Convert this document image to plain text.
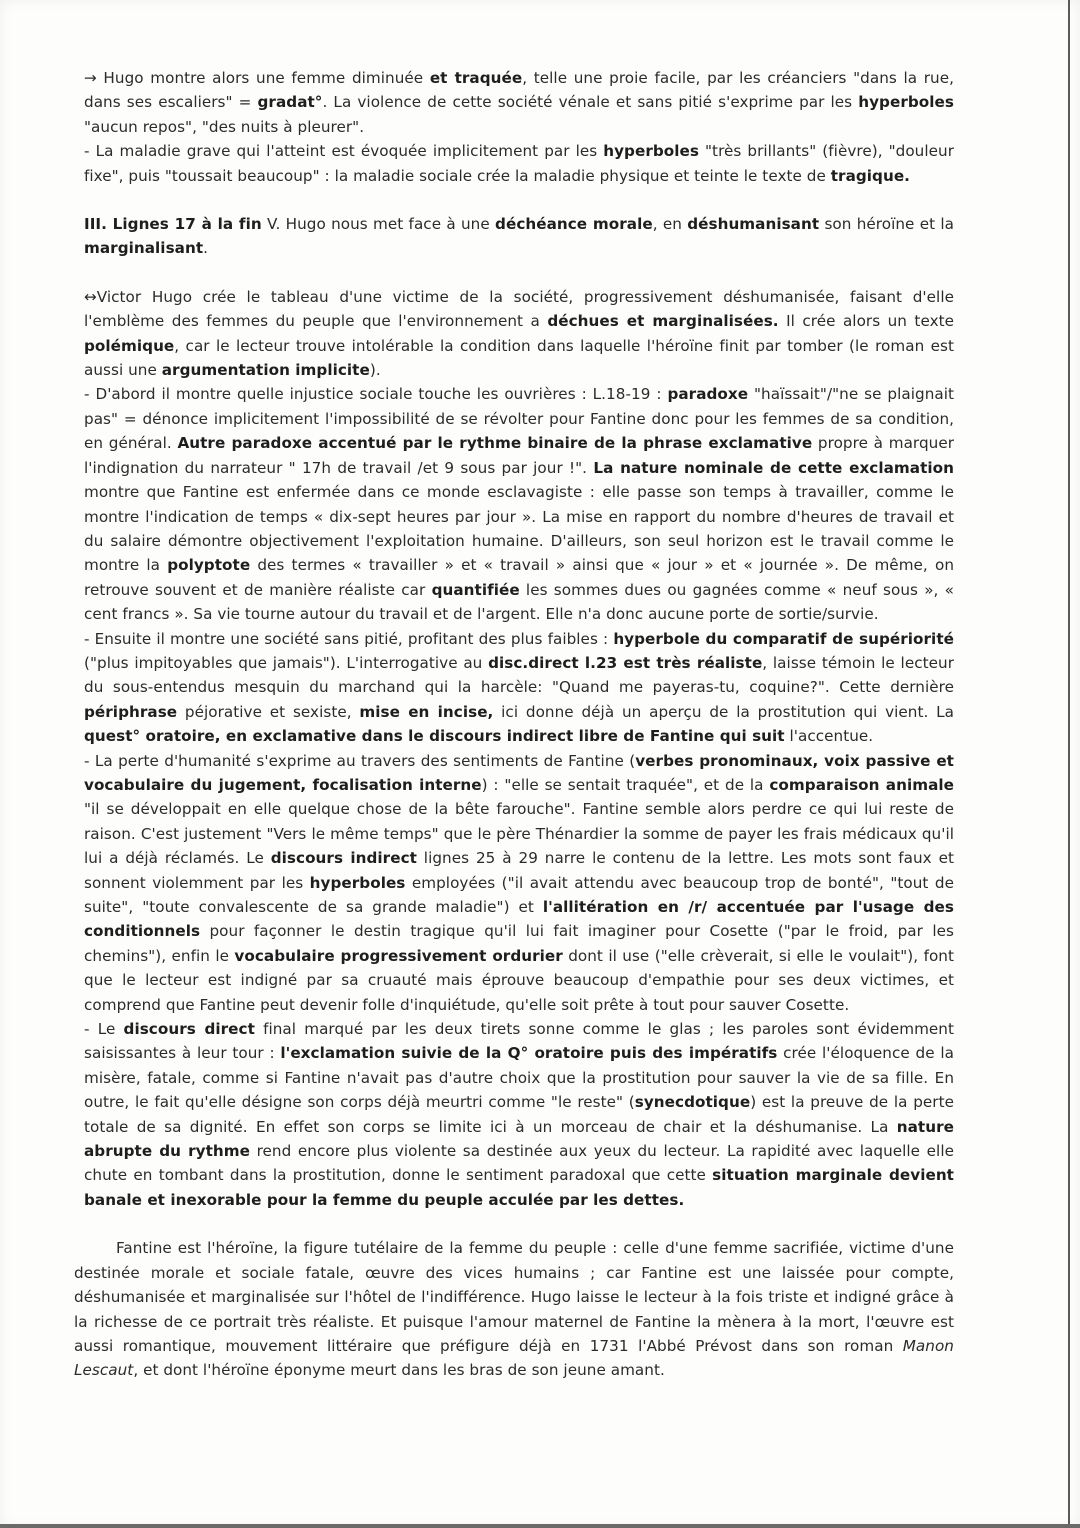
→ Hugo montre alors une femme diminuée et traquée, telle une proie facile, par les créanciers "dans la rue, dans ses escaliers" = gradat°. La violence de cette société vénale et sans pitié s'exprime par les hyperboles "aucun repos", "des nuits à pleurer".

- La maladie grave qui l'atteint est évoquée implicitement par les hyperboles "très brillants" (fièvre), "douleur fixe", puis "toussait beaucoup" : la maladie sociale crée la maladie physique et teinte le texte de tragique.

III. Lignes 17 à la fin V. Hugo nous met face à une déchéance morale, en déshumanisant son héroïne et la marginalisant.

↔Victor Hugo crée le tableau d'une victime de la société, progressivement déshumanisée, faisant d'elle l'emblème des femmes du peuple que l'environnement a déchues et marginalisées. Il crée alors un texte polémique, car le lecteur trouve intolérable la condition dans laquelle l'héroïne finit par tomber (le roman est aussi une argumentation implicite).

- D'abord il montre quelle injustice sociale touche les ouvrières : L.18-19 : paradoxe "haïssait"/"ne se plaignait pas" = dénonce implicitement l'impossibilité de se révolter pour Fantine donc pour les femmes de sa condition, en général. Autre paradoxe accentué par le rythme binaire de la phrase exclamative propre à marquer l'indignation du narrateur " 17h de travail /et 9 sous par jour !". La nature nominale de cette exclamation montre que Fantine est enfermée dans ce monde esclavagiste : elle passe son temps à travailler, comme le montre l'indication de temps « dix-sept heures par jour ». La mise en rapport du nombre d'heures de travail et du salaire démontre objectivement l'exploitation humaine. D'ailleurs, son seul horizon est le travail comme le montre la polyptote des termes « travailler » et « travail » ainsi que « jour » et « journée ». De même, on retrouve souvent et de manière réaliste car quantifiée les sommes dues ou gagnées comme « neuf sous », « cent francs ». Sa vie tourne autour du travail et de l'argent. Elle n'a donc aucune porte de sortie/survie.

- Ensuite il montre une société sans pitié, profitant des plus faibles : hyperbole du comparatif de supériorité ("plus impitoyables que jamais"). L'interrogative au disc.direct l.23 est très réaliste, laisse témoin le lecteur du sous-entendus mesquin du marchand qui la harcèle: "Quand me payeras-tu, coquine?". Cette dernière périphrase péjorative et sexiste, mise en incise, ici donne déjà un aperçu de la prostitution qui vient. La quest° oratoire, en exclamative dans le discours indirect libre de Fantine qui suit l'accentue.

- La perte d'humanité s'exprime au travers des sentiments de Fantine (verbes pronominaux, voix passive et vocabulaire du jugement, focalisation interne) : "elle se sentait traquée", et de la comparaison animale "il se développait en elle quelque chose de la bête farouche". Fantine semble alors perdre ce qui lui reste de raison. C'est justement "Vers le même temps" que le père Thénardier la somme de payer les frais médicaux qu'il lui a déjà réclamés. Le discours indirect lignes 25 à 29 narre le contenu de la lettre. Les mots sont faux et sonnent violemment par les hyperboles employées ("il avait attendu avec beaucoup trop de bonté", "tout de suite", "toute convalescente de sa grande maladie") et l'allitération en /r/ accentuée par l'usage des conditionnels pour façonner le destin tragique qu'il lui fait imaginer pour Cosette ("par le froid, par les chemins"), enfin le vocabulaire progressivement ordurier dont il use ("elle crèverait, si elle le voulait"), font que le lecteur est indigné par sa cruauté mais éprouve beaucoup d'empathie pour ses deux victimes, et comprend que Fantine peut devenir folle d'inquiétude, qu'elle soit prête à tout pour sauver Cosette.

- Le discours direct final marqué par les deux tirets sonne comme le glas ; les paroles sont évidemment saisissantes à leur tour : l'exclamation suivie de la Q° oratoire puis des impératifs crée l'éloquence de la misère, fatale, comme si Fantine n'avait pas d'autre choix que la prostitution pour sauver la vie de sa fille. En outre, le fait qu'elle désigne son corps déjà meurtri comme "le reste" (synecdotique) est la preuve de la perte totale de sa dignité. En effet son corps se limite ici à un morceau de chair et la déshumanise. La nature abrupte du rythme rend encore plus violente sa destinée aux yeux du lecteur. La rapidité avec laquelle elle chute en tombant dans la prostitution, donne le sentiment paradoxal que cette situation marginale devient banale et inexorable pour la femme du peuple acculée par les dettes.

Fantine est l'héroïne, la figure tutélaire de la femme du peuple : celle d'une femme sacrifiée, victime d'une destinée morale et sociale fatale, œuvre des vices humains ; car Fantine est une laissée pour compte, déshumanisée et marginalisée sur l'hôtel de l'indifférence. Hugo laisse le lecteur à la fois triste et indigné grâce à la richesse de ce portrait très réaliste. Et puisque l'amour maternel de Fantine la mènera à la mort, l'œuvre est aussi romantique, mouvement littéraire que préfigure déjà en 1731 l'Abbé Prévost dans son roman Manon Lescaut, et dont l'héroïne éponyme meurt dans les bras de son jeune amant.
